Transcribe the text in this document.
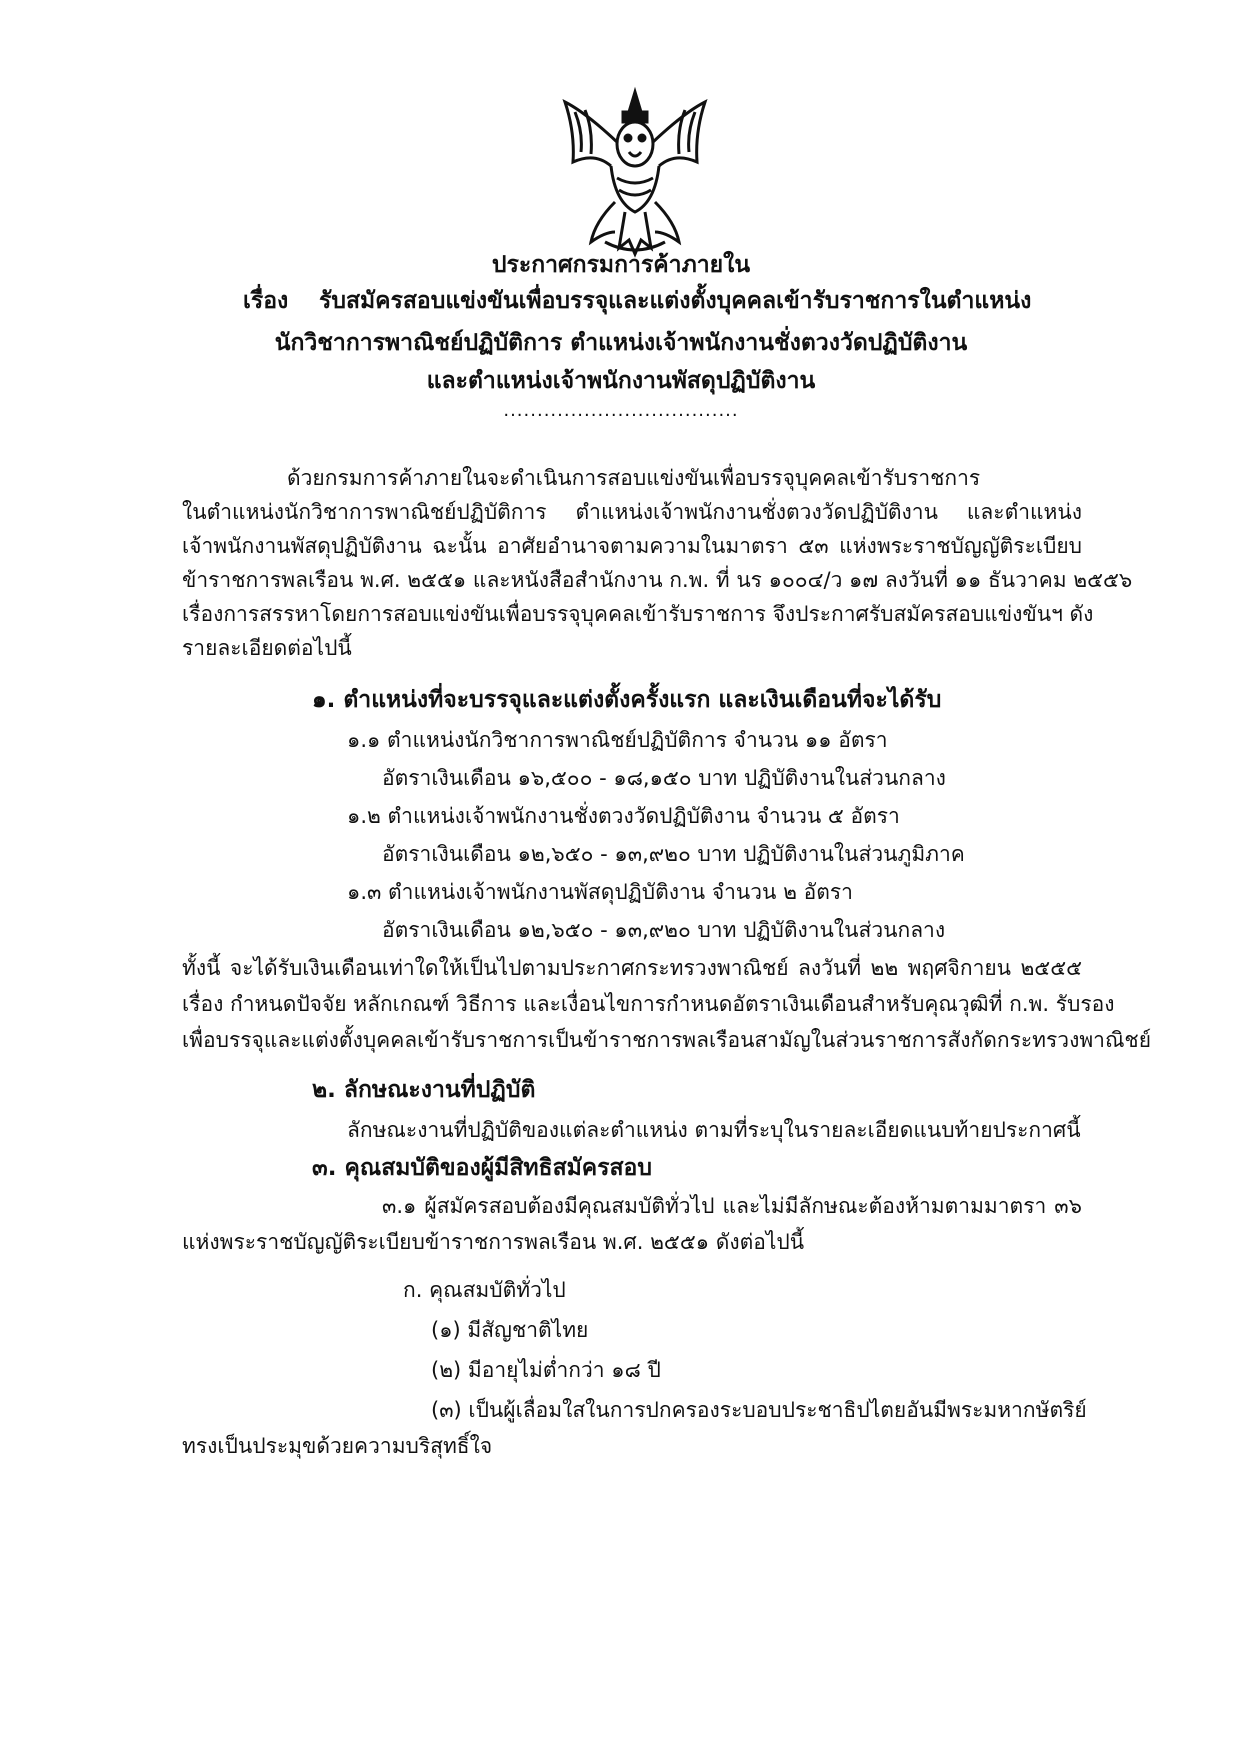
ประกาศกรมการค้าภายใน
เรื่อง รับสมัครสอบแข่งขันเพื่อบรรจุและแต่งตั้งบุคคลเข้ารับราชการในตำแหน่ง
นักวิชาการพาณิชย์ปฏิบัติการ ตำแหน่งเจ้าพนักงานชั่งตวงวัดปฏิบัติงาน
และตำแหน่งเจ้าพนักงานพัสดุปฏิบัติงาน
...................................
ด้วยกรมการค้าภายในจะดำเนินการสอบแข่งขันเพื่อบรรจุบุคคลเข้ารับราชการ
ในตำแหน่งนักวิชาการพาณิชย์ปฏิบัติการ ตำแหน่งเจ้าพนักงานชั่งตวงวัดปฏิบัติงาน และตำแหน่ง
เจ้าพนักงานพัสดุปฏิบัติงาน ฉะนั้น อาศัยอำนาจตามความในมาตรา ๕๓ แห่งพระราชบัญญัติระเบียบ
ข้าราชการพลเรือน พ.ศ. ๒๕๕๑ และหนังสือสำนักงาน ก.พ. ที่ นร ๑๐๐๔/ว ๑๗ ลงวันที่ ๑๑ ธันวาคม ๒๕๕๖
เรื่องการสรรหาโดยการสอบแข่งขันเพื่อบรรจุบุคคลเข้ารับราชการ จึงประกาศรับสมัครสอบแข่งขันฯ ดัง
รายละเอียดต่อไปนี้
๑. ตำแหน่งที่จะบรรจุและแต่งตั้งครั้งแรก และเงินเดือนที่จะได้รับ
๑.๑ ตำแหน่งนักวิชาการพาณิชย์ปฏิบัติการ จำนวน ๑๑ อัตรา
อัตราเงินเดือน ๑๖,๕๐๐ - ๑๘,๑๕๐ บาท ปฏิบัติงานในส่วนกลาง
๑.๒ ตำแหน่งเจ้าพนักงานชั่งตวงวัดปฏิบัติงาน จำนวน ๕ อัตรา
อัตราเงินเดือน ๑๒,๖๕๐ - ๑๓,๙๒๐ บาท ปฏิบัติงานในส่วนภูมิภาค
๑.๓ ตำแหน่งเจ้าพนักงานพัสดุปฏิบัติงาน จำนวน ๒ อัตรา
อัตราเงินเดือน ๑๒,๖๕๐ - ๑๓,๙๒๐ บาท ปฏิบัติงานในส่วนกลาง
ทั้งนี้ จะได้รับเงินเดือนเท่าใดให้เป็นไปตามประกาศกระทรวงพาณิชย์ ลงวันที่ ๒๒ พฤศจิกายน ๒๕๕๕
เรื่อง กำหนดปัจจัย หลักเกณฑ์ วิธีการ และเงื่อนไขการกำหนดอัตราเงินเดือนสำหรับคุณวุฒิที่ ก.พ. รับรอง
เพื่อบรรจุและแต่งตั้งบุคคลเข้ารับราชการเป็นข้าราชการพลเรือนสามัญในส่วนราชการสังกัดกระทรวงพาณิชย์
๒. ลักษณะงานที่ปฏิบัติ
ลักษณะงานที่ปฏิบัติของแต่ละตำแหน่ง ตามที่ระบุในรายละเอียดแนบท้ายประกาศนี้
๓. คุณสมบัติของผู้มีสิทธิสมัครสอบ
๓.๑ ผู้สมัครสอบต้องมีคุณสมบัติทั่วไป และไม่มีลักษณะต้องห้ามตามมาตรา ๓๖
แห่งพระราชบัญญัติระเบียบข้าราชการพลเรือน พ.ศ. ๒๕๕๑ ดังต่อไปนี้
ก. คุณสมบัติทั่วไป
(๑) มีสัญชาติไทย
(๒) มีอายุไม่ต่ำกว่า ๑๘ ปี
(๓) เป็นผู้เลื่อมใสในการปกครองระบอบประชาธิปไตยอันมีพระมหากษัตริย์
ทรงเป็นประมุขด้วยความบริสุทธิ์ใจ
